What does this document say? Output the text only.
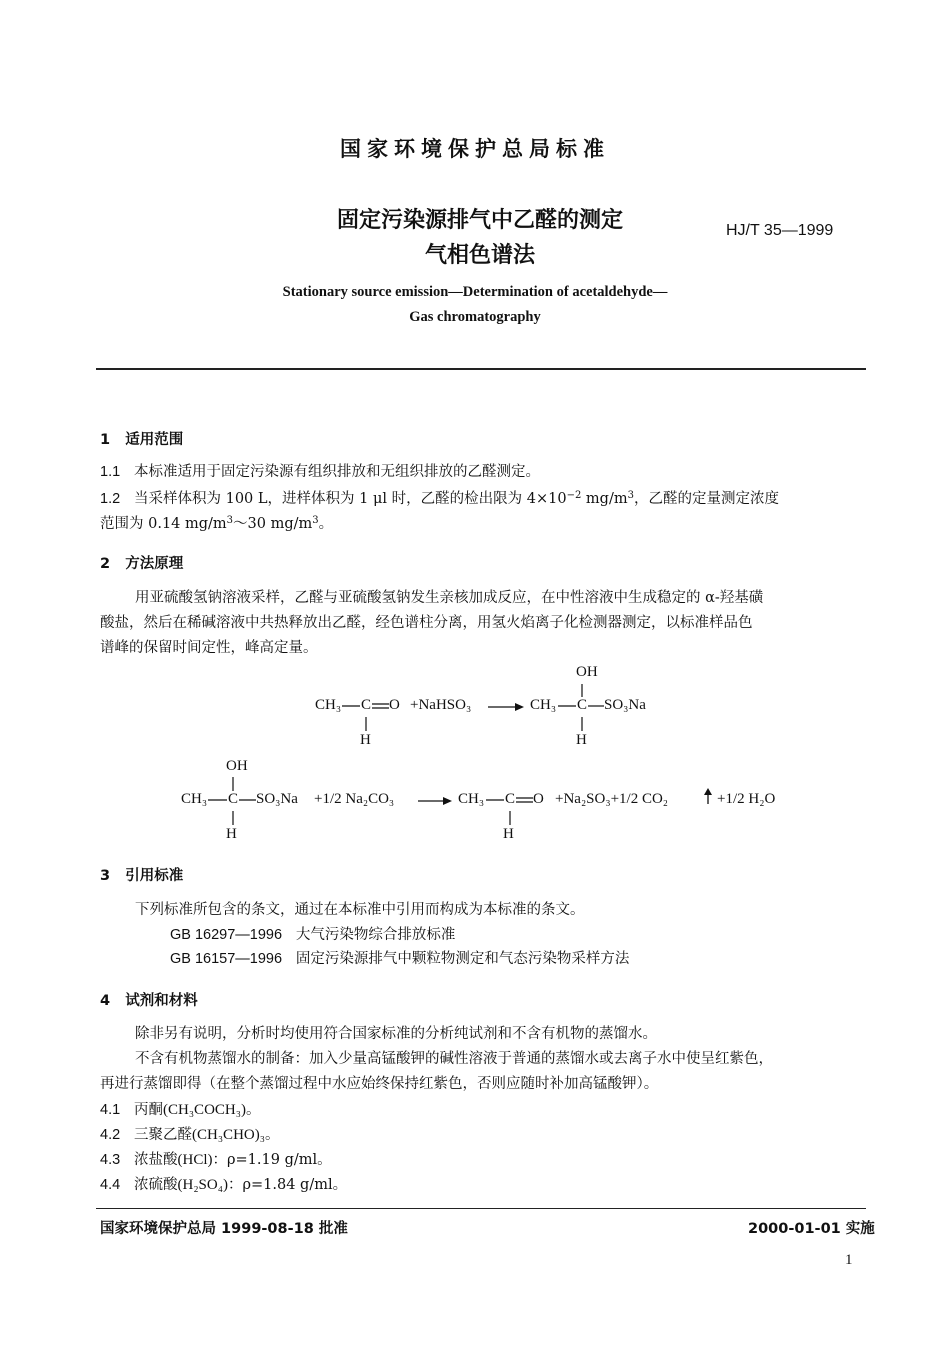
国家环境保护总局标准
固定污染源排气中乙醛的测定
气相色谱法
HJ/T 35—1999
Stationary source emission—Determination of acetaldehyde—
Gas chromatography
1 适用范围
1.1 本标准适用于固定污染源有组织排放和无组织排放的乙醛测定。
1.2 当采样体积为 100 L，进样体积为 1 μl 时，乙醛的检出限为 $4\times 10^{-2}$ $mg/m^3$，乙醛的定量测定浓度
范围为 0.14 $mg/m^3\sim 30$ $mg/m^3$。
2 方法原理
用亚硫酸氢钠溶液采样，乙醛与亚硫酸氢钠发生亲核加成反应，在中性溶液中生成稳定的 α-羟基磺
酸盐，然后在稀碱溶液中共热释放出乙醛，经色谱柱分离，用氢火焰离子化检测器测定，以标准样品色
谱峰的保留时间定性，峰高定量。
CH₃ C O
H
+NaHSO₃	CH₃ C SO₃Na
OH
H
OH
CH₃ C SO₃Na
H
+1/2 Na₂CO₃	CH₃ C O
H
+Na₂SO₃+1/2 CO₂	+1/2 H₂O
3 引用标准
下列标准所包含的条文，通过在本标准中引用而构成为本标准的条文。
GB 16297—1996 大气污染物综合排放标准
GB 16157—1996 固定污染源排气中颗粒物测定和气态污染物采样方法
4 试剂和材料
除非另有说明，分析时均使用符合国家标准的分析纯试剂和不含有机物的蒸馏水。
不含有机物蒸馏水的制备：加入少量高锰酸钾的碱性溶液于普通的蒸馏水或去离子水中使呈红紫色，
再进行蒸馏即得（在整个蒸馏过程中水应始终保持红紫色，否则应随时补加高锰酸钾）。
4.1 丙酮(CH₃COCH₃)。
4.2 三聚乙醛(CH₃CHO)₃。
4.3 浓盐酸(HCl)：ρ=1.19 g/ml。
4.4 浓硫酸(H₂SO₄)：ρ=1.84 g/ml。
国家环境保护总局 1999-08-18 批准	2000-01-01 实施
1
